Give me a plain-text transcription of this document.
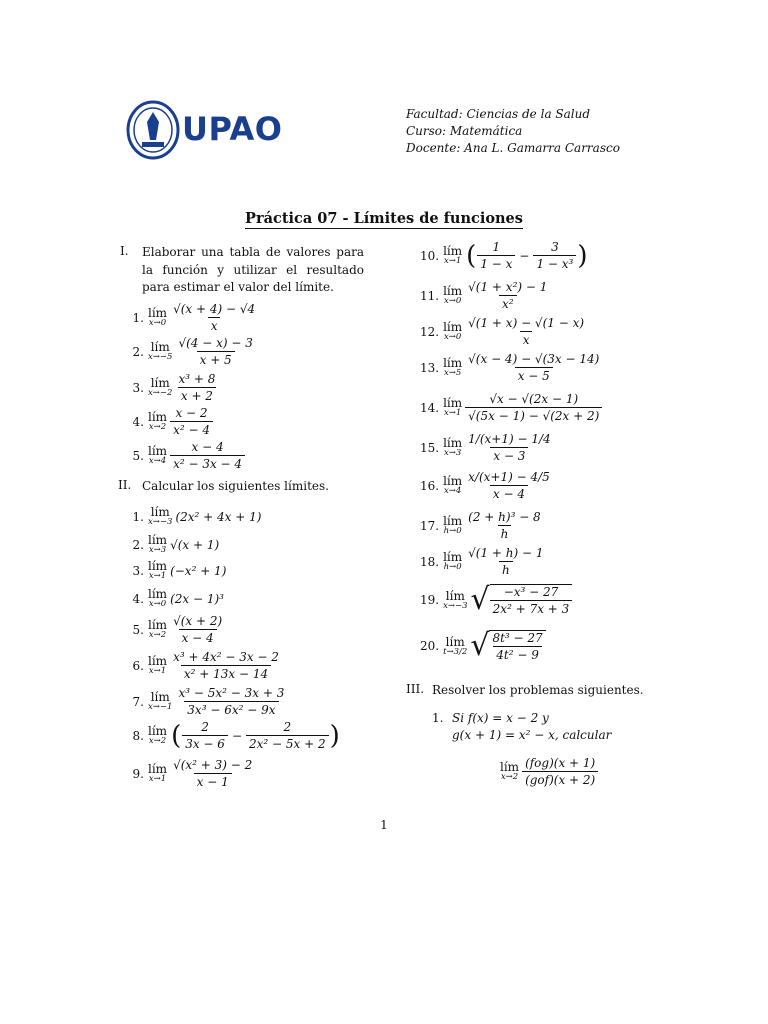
UPAO	Facultad: Ciencias de la Salud
Curso: Matemática
Docente: Ana L. Gamarra Carrasco
Práctica 07 - Límites de funciones
I. Elaborar una tabla de valores para la función y utilizar el resultado para estimar el valor del límite.
1. lím
$x\to 0 \frac{√(x + 4) - √4}{x}$
2. lím
$x\to-5 \frac{√(4 - x) - 3}{x + 5}$
3. lím
$x\to-2 \frac{\text{x³ + 8}}{x + 2}$
4. lím
$x\to 2 \frac{x - 2}{\text{x² − 4}}$
5. lím
$x\to 4 \frac{x - 4}{\text{x² − 3x − 4}}$
II. Calcular los siguientes límites.
1. lím
x→−3 (2x² + 4x + 1)
2. lím
x→3 √(x + 1)
3. lím
x→1 (−x² + 1)
4. lím
x→0 (2x − 1)³
5. lím
$x\to 2 \frac{√(x + 2)}{x - 4}$
6. lím
$x\to 1 \frac{\text{x³ + 4x² − 3x − 2}}{\text{x² + 13x − 14}}$
7. lím
$x\to-1 \frac{\text{x³ − 5x² − 3x + 3}}{\text{3x³ − 6x² − 9x}}$
8. lím
x→2 ( $\frac{2}{3x - 6} - \frac{2}{\text{2x² − 5x + 2}}$ )
9. lím
$x\to 1 \frac{\text{√(x² + 3) − 2}}{x - 1}$
10. lím
x→1 ( $\frac{1}{1 - x} - \frac{3}{\text{1 − x³}}$ )
11. lím
$x\to 0 \frac{\text{√(1 + x²) − 1}}{\text{x²}}$
12. lím
$x\to 0 \frac{√(1 + x) - √(1 - x)}{x}$
13. lím
$x\to 5 \frac{√(x - 4) - √(3x - 14)}{x - 5}$
14. lím
$x\to 1 \frac{√x - √(2x - 1)}{√(5x - 1) - √(2x + 2)}$
15. lím
$x\to 3 \frac{1/(x+1) - 1/4}{x - 3}$
16. lím
$x\to 4 \frac{x/(x+1) - 4/5}{x - 4}$
17. lím
$h\to 0 \frac{\text{(2 + h)³ − 8}}{h}$
18. lím
$h\to 0 \frac{√(1 + h) - 1}{h}$
19. lím
x→−3 √ $\frac{\text{−x³ − 27}}{\text{2x² + 7x + 3}}$
20. lím
t→3/2 √ $\frac{\text{8t³ − 27}}{\text{4t² − 9}}$
III. Resolver los problemas siguientes.
1. Si f(x) = x − 2 y
g(x + 1) = x² − x, calcular
lím
$x\to 2 \frac{\text{(fog)(x + 1)}}{\text{(gof)(x + 2)}}$
1
